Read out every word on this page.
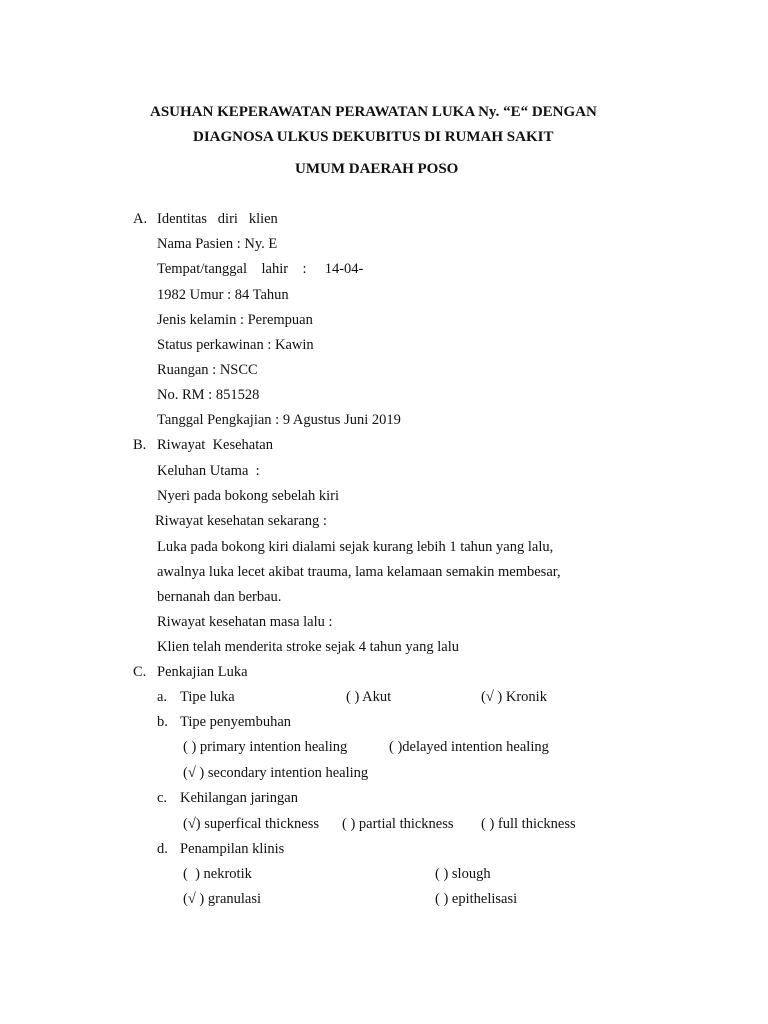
ASUHAN KEPERAWATAN PERAWATAN LUKA Ny. “E“ DENGAN
DIAGNOSA ULKUS DEKUBITUS DI RUMAH SAKIT
UMUM DAERAH POSO
A. Identitas   diri   klien
Nama Pasien : Ny. E
Tempat/tanggal    lahir    :     14-04-
1982 Umur : 84 Tahun
Jenis kelamin : Perempuan
Status perkawinan : Kawin
Ruangan : NSCC
No. RM : 851528
Tanggal Pengkajian : 9 Agustus Juni 2019
B. Riwayat  Kesehatan
Keluhan Utama  :
Nyeri pada bokong sebelah kiri
Riwayat kesehatan sekarang :
Luka pada bokong kiri dialami sejak kurang lebih 1 tahun yang lalu,
awalnya luka lecet akibat trauma, lama kelamaan semakin membesar,
bernanah dan berbau.
Riwayat kesehatan masa lalu :
Klien telah menderita stroke sejak 4 tahun yang lalu
C. Penkajian Luka
a. Tipe luka	( ) Akut	(√ ) Kronik
b. Tipe penyembuhan
( ) primary intention healing	( )delayed intention healing
(√ ) secondary intention healing
c. Kehilangan jaringan
(√) superfical thickness ( ) partial thickness ( ) full thickness
d. Penampilan klinis
(  ) nekrotik	( ) slough
(√ ) granulasi	( ) epithelisasi
